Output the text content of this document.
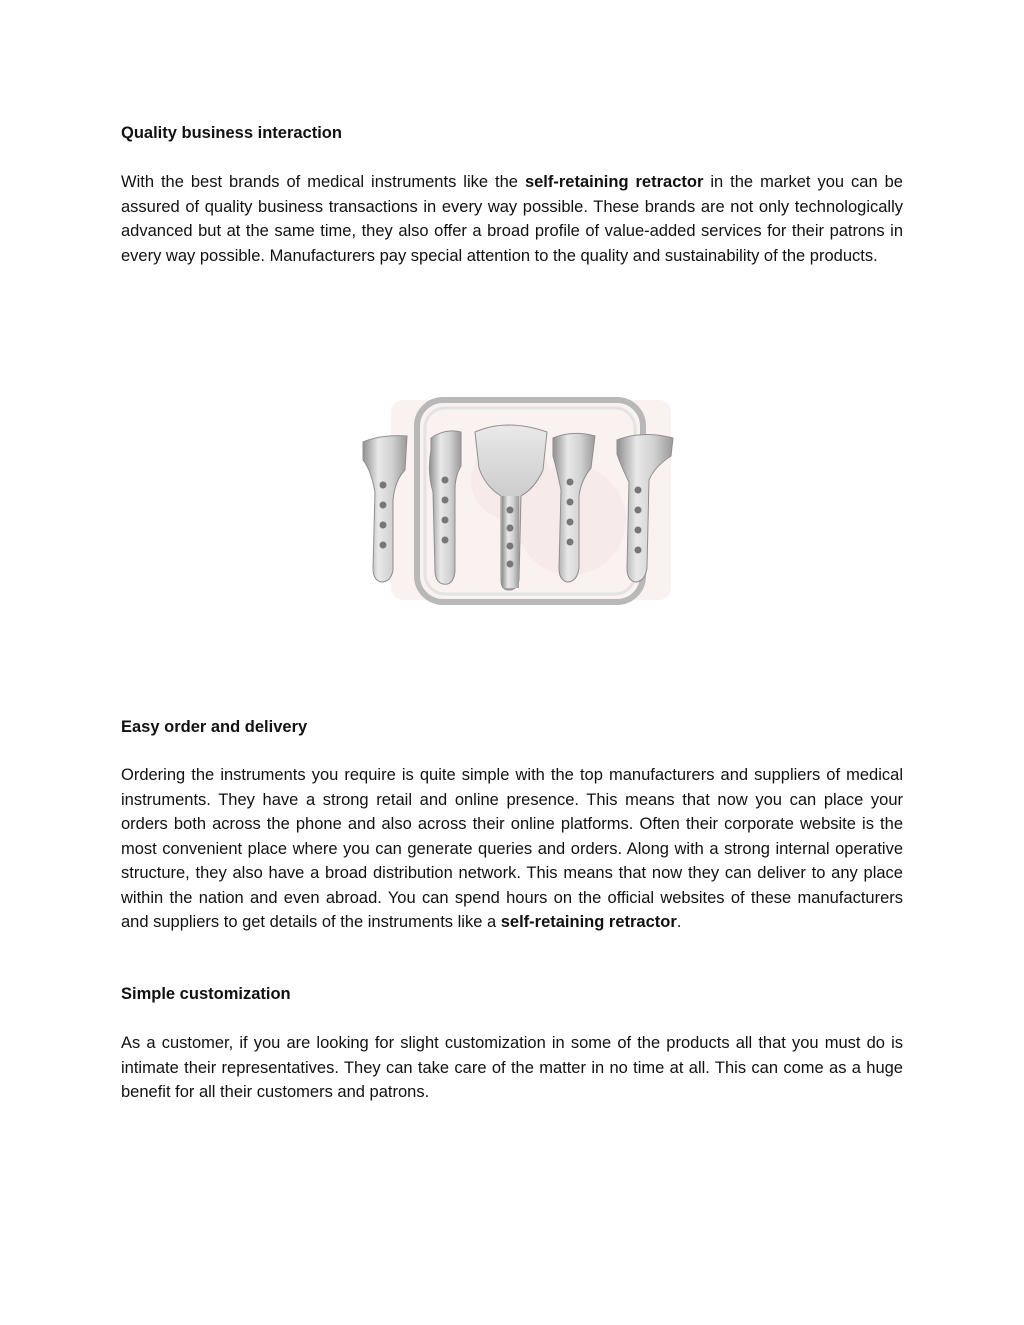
Quality business interaction
With the best brands of medical instruments like the self-retaining retractor in the market you can be assured of quality business transactions in every way possible. These brands are not only technologically advanced but at the same time, they also offer a broad profile of value-added services for their patrons in every way possible. Manufacturers pay special attention to the quality and sustainability of the products.
Easy order and delivery
Ordering the instruments you require is quite simple with the top manufacturers and suppliers of medical instruments. They have a strong retail and online presence. This means that now you can place your orders both across the phone and also across their online platforms. Often their corporate website is the most convenient place where you can generate queries and orders. Along with a strong internal operative structure, they also have a broad distribution network. This means that now they can deliver to any place within the nation and even abroad. You can spend hours on the official websites of these manufacturers and suppliers to get details of the instruments like a self-retaining retractor.
Simple customization
As a customer, if you are looking for slight customization in some of the products all that you must do is intimate their representatives. They can take care of the matter in no time at all. This can come as a huge benefit for all their customers and patrons.
